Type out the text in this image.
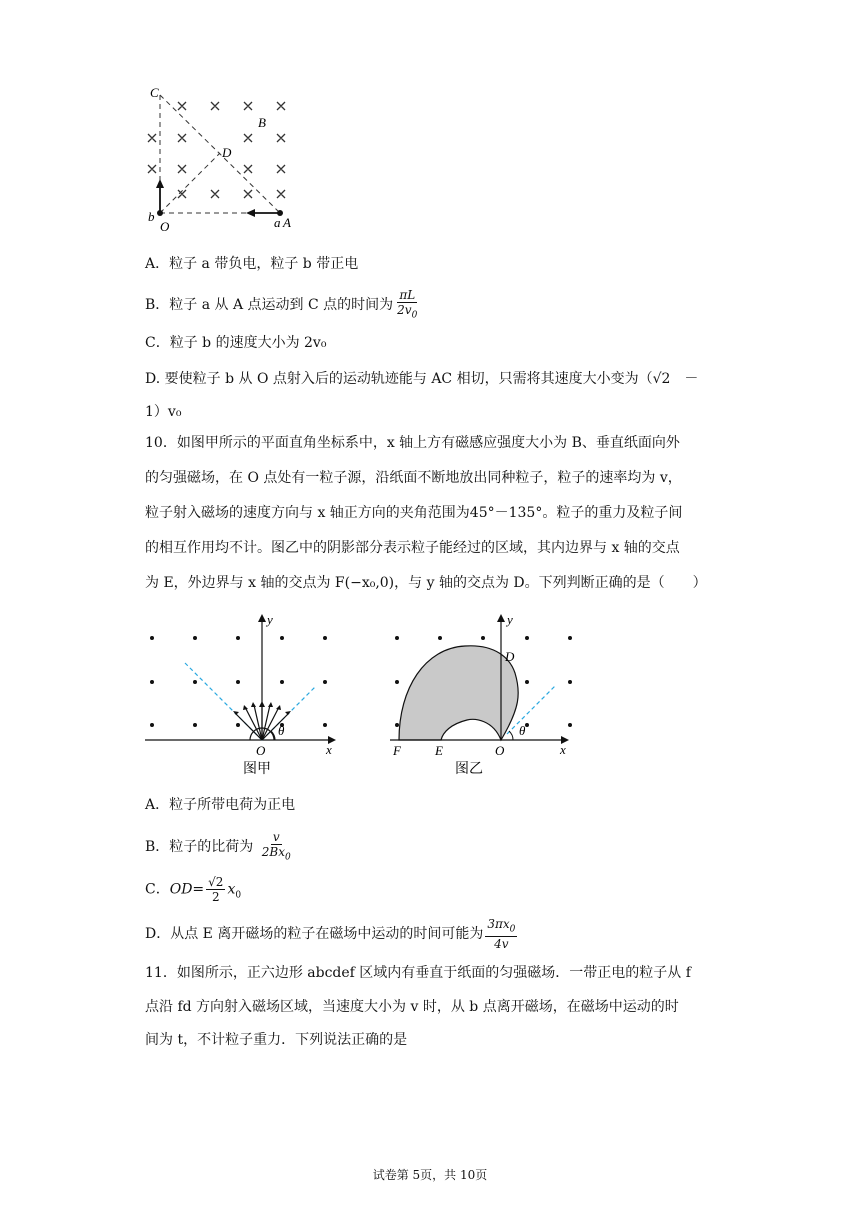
C
B
D
b
O	a A
A．粒子 a 带负电，粒子 b 带正电
B．粒子 a 从 A 点运动到 C 点的时间为 $\frac{\pi L}{2v_0}$
C．粒子 b 的速度大小为 2v₀
D. 要使粒子 b 从 O 点射入后的运动轨迹能与 AC 相切，只需将其速度大小变为（√2　－
1）v₀
10．如图甲所示的平面直角坐标系中，x 轴上方有磁感应强度大小为 B、垂直纸面向外
的匀强磁场，在 O 点处有一粒子源，沿纸面不断地放出同种粒子，粒子的速率均为 v，
粒子射入磁场的速度方向与 x 轴正方向的夹角范围为45°－135°。粒子的重力及粒子间
的相互作用均不计。图乙中的阴影部分表示粒子能经过的区域，其内边界与 x 轴的交点
为 E，外边界与 x 轴的交点为 F(−x₀,0)，与 y 轴的交点为 D。下列判断正确的是（　　）
y
x
O
θ
图甲
y
x
O
E
F
D
θ
图乙
A．粒子所带电荷为正电
B．粒子的比荷为 $\frac{v}{2Bx_0}$
C．$OD= \frac{√2}{2} x_0$
D．从点 E 离开磁场的粒子在磁场中运动的时间可能为 $\frac{3\pi x_0}{4v}$
11．如图所示，正六边形 abcdef 区域内有垂直于纸面的匀强磁场．一带正电的粒子从 f
点沿 fd 方向射入磁场区域，当速度大小为 v 时，从 b 点离开磁场，在磁场中运动的时
间为 t，不计粒子重力．下列说法正确的是
试卷第 5页，共 10页
